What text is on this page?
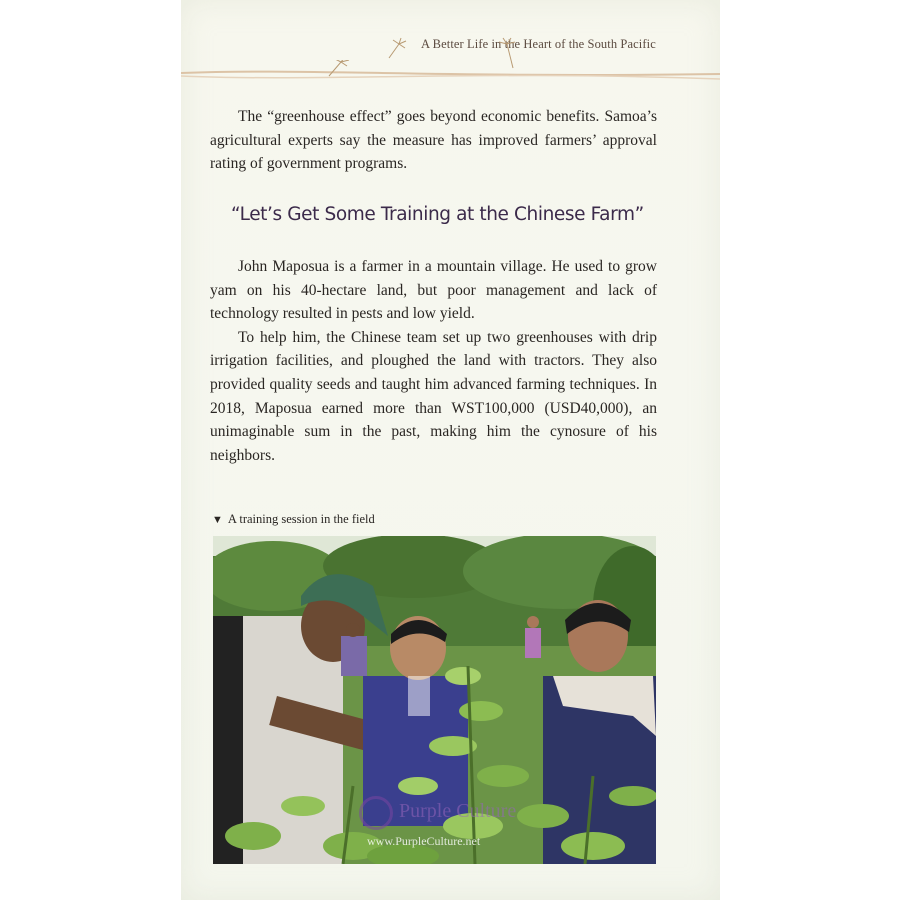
A Better Life in the Heart of the South Pacific

The “greenhouse effect” goes beyond economic benefits. Samoa’s agricultural experts say the measure has improved farmers’ approval rating of government programs.

“Let’s Get Some Training at the Chinese Farm”

John Maposua is a farmer in a mountain village. He used to grow yam on his 40-hectare land, but poor management and lack of technology resulted in pests and low yield.

To help him, the Chinese team set up two greenhouses with drip irrigation facilities, and ploughed the land with tractors. They also provided quality seeds and taught him advanced farming techniques. In 2018, Maposua earned more than WST100,000 (USD40,000), an unimaginable sum in the past, making him the cynosure of his neighbors.

▼ A training session in the field
Purple Culture
www.PurpleCulture.net
